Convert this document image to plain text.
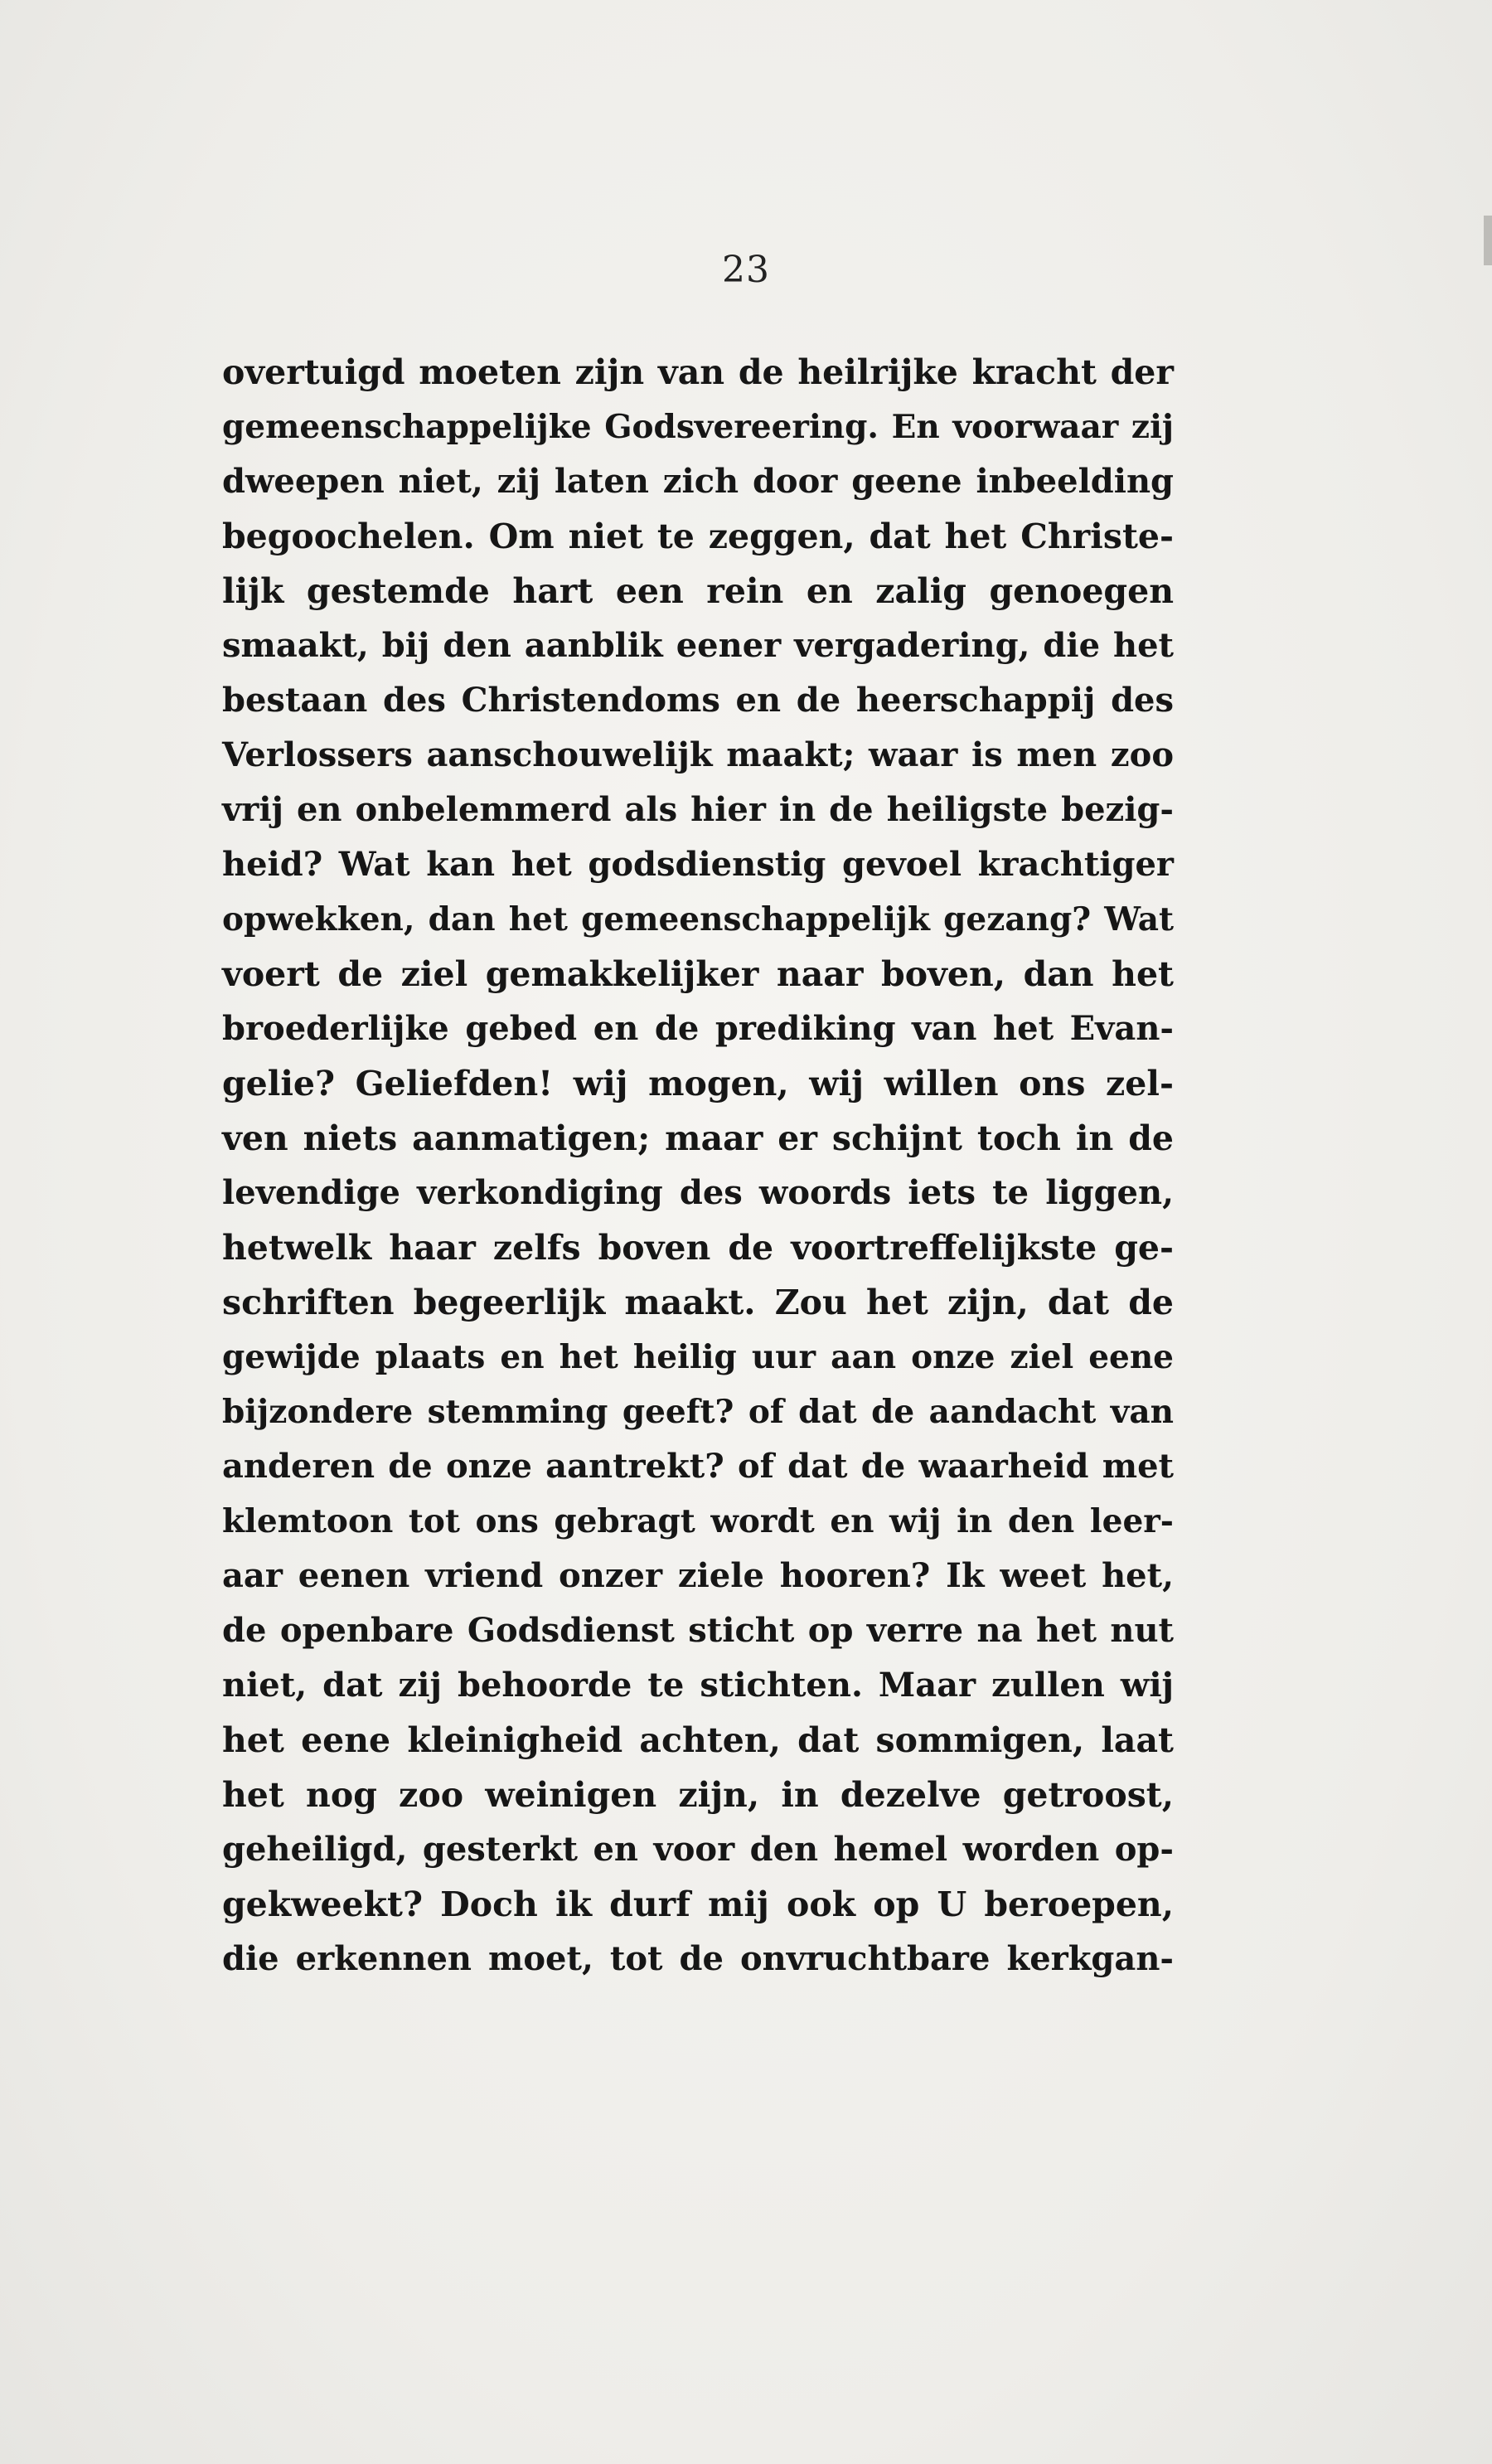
23
overtuigd moeten zijn van de heilrijke kracht der
gemeenschappelijke Godsvereering. En voorwaar zij
dweepen niet, zij laten zich door geene inbeelding
begoochelen. Om niet te zeggen, dat het Christe-
lijk gestemde hart een rein en zalig genoegen
smaakt, bij den aanblik eener vergadering, die het
bestaan des Christendoms en de heerschappij des
Verlossers aanschouwelijk maakt; waar is men zoo
vrij en onbelemmerd als hier in de heiligste bezig-
heid? Wat kan het godsdienstig gevoel krachtiger
opwekken, dan het gemeenschappelijk gezang? Wat
voert de ziel gemakkelijker naar boven, dan het
broederlijke gebed en de prediking van het Evan-
gelie? Geliefden! wij mogen, wij willen ons zel-
ven niets aanmatigen; maar er schijnt toch in de
levendige verkondiging des woords iets te liggen,
hetwelk haar zelfs boven de voortreffelijkste ge-
schriften begeerlijk maakt. Zou het zijn, dat de
gewijde plaats en het heilig uur aan onze ziel eene
bijzondere stemming geeft? of dat de aandacht van
anderen de onze aantrekt? of dat de waarheid met
klemtoon tot ons gebragt wordt en wij in den leer-
aar eenen vriend onzer ziele hooren? Ik weet het,
de openbare Godsdienst sticht op verre na het nut
niet, dat zij behoorde te stichten. Maar zullen wij
het eene kleinigheid achten, dat sommigen, laat
het nog zoo weinigen zijn, in dezelve getroost,
geheiligd, gesterkt en voor den hemel worden op-
gekweekt? Doch ik durf mij ook op U beroepen,
die erkennen moet, tot de onvruchtbare kerkgan-
